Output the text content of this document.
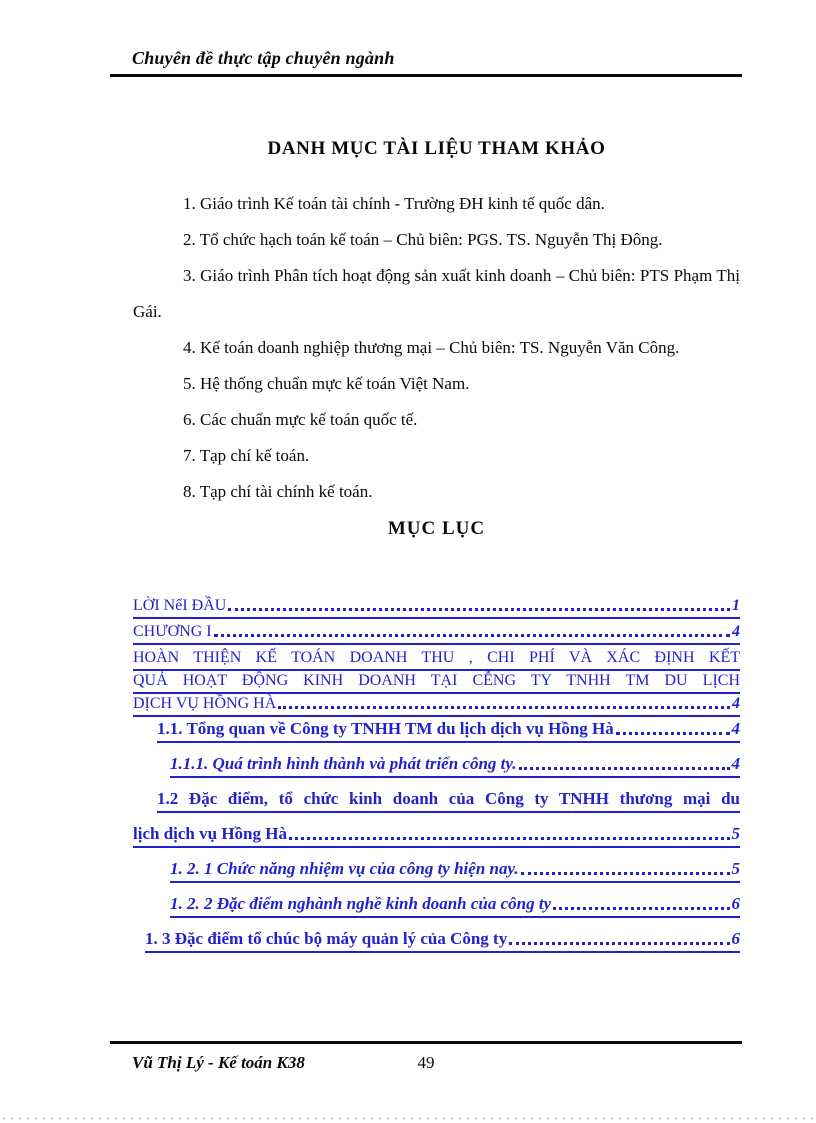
Chuyên đề thực tập chuyên ngành
DANH MỤC TÀI LIỆU THAM KHẢO

1. Giáo trình Kế toán tài chính - Trường ĐH kinh tế quốc dân.

2. Tổ chức hạch toán kế toán – Chủ biên: PGS. TS. Nguyễn Thị Đông.

3. Giáo trình Phân tích hoạt động sản xuất kinh doanh – Chủ biên: PTS Phạm Thị Gái.

4. Kế toán doanh nghiệp thương mại – Chủ biên: TS. Nguyễn Văn Công.

5. Hệ thống chuẩn mực kế toán Việt Nam.

6. Các chuẩn mực kế toán quốc tế.

7. Tạp chí kế toán.

8. Tạp chí tài chính kế toán.

MỤC LỤC
LỜI NểI ĐẦU	1
CHƯƠNG I	4
HOÀN THIỆN KẾ TOÁN DOANH THU , CHI PHÍ VÀ XÁC ĐỊNH KẾT
QUẢ HOẠT ĐỘNG KINH DOANH TẠI CỄNG TY TNHH TM DU LỊCH
DỊCH VỤ HỒNG HÀ	4
1.1. Tổng quan về Công ty TNHH TM du lịch dịch vụ Hồng Hà	4
1.1.1. Quá trình hình thành và phát triển công ty.	4
1.2 Đặc điểm, tổ chức kinh doanh của Công ty TNHH thương mại du
lịch dịch vụ Hồng Hà	5
1. 2. 1 Chức năng nhiệm vụ của công ty hiện nay.	5
1. 2. 2 Đặc điểm nghành nghề kinh doanh của công ty	6
1. 3 Đặc điểm tổ chúc bộ máy quản lý của Công ty	6
Vũ Thị Lý - Kế toán K38	49
